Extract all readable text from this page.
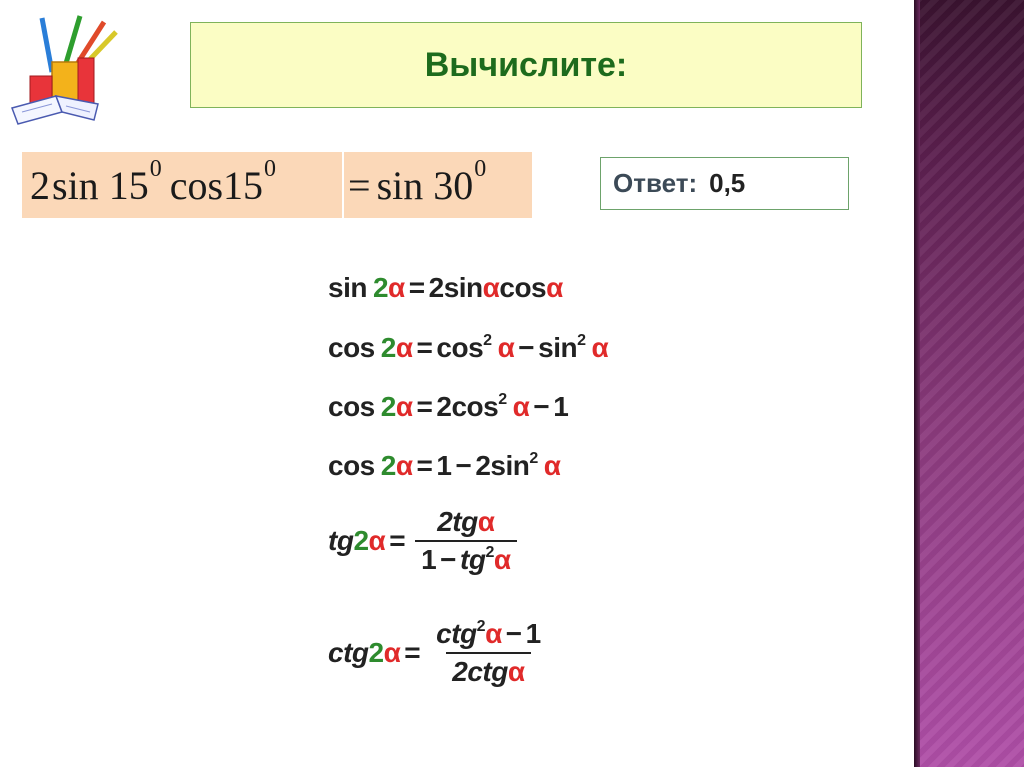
Вычислите:
2 sin 15 0 cos 15 0 = sin 30 0	Ответ: 0,5
sin 2α = 2sinαcosα
$\cos 2\alpha = \cos^2 \alpha - \sin^2 \alpha$
$\cos 2\alpha = 2\cos^2$ α − 1
$\cos 2\alpha = 1 - 2\sin^2$ α
$tg2\alpha = \frac{\text{2tgα}}{1 - tg^2\alpha}$
$ctg2\alpha = \frac{ctg^2\alpha - 1}{\text{2ctgα}}$
